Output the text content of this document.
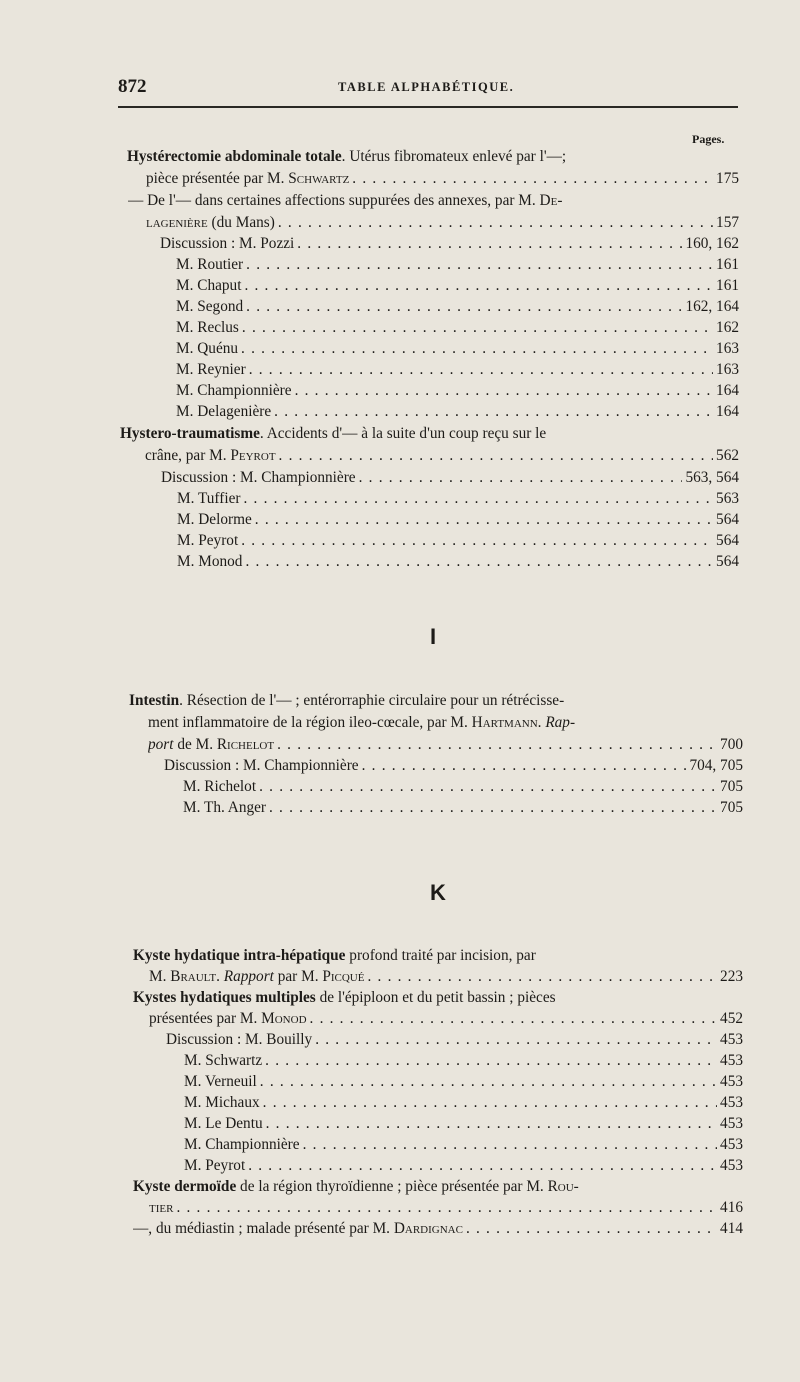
872	TABLE ALPHABÉTIQUE.
Pages.
Hystérectomie abdominale totale. Utérus fibromateux enlevé par l'—;
pièce présentée par M. Schwartz . . .	175
— De l'— dans certaines affections suppurées des annexes, par M. De-
lagenière (du Mans) . . .	157
Discussion : M. Pozzi . . .	160, 162
M. Routier . . .	161
M. Chaput . . .	161
M. Segond . . .	162, 164
M. Reclus . . .	162
M. Quénu . . .	163
M. Reynier . . .	163
M. Championnière . . .	164
M. Delagenière . . .	164
Hystero-traumatisme. Accidents d'— à la suite d'un coup reçu sur le
crâne, par M. Peyrot . . .	562
Discussion : M. Championnière . . .	563, 564
M. Tuffier . . .	563
M. Delorme . . .	564
M. Peyrot . . .	564
M. Monod . . .	564
I
Intestin. Résection de l'— ; entérorraphie circulaire pour un rétrécisse-
ment inflammatoire de la région ileo-cœcale, par M. Hartmann. Rap-
port de M. Richelot . . .	700
Discussion : M. Championnière . . .	704, 705
M. Richelot . . .	705
M. Th. Anger . . .	705
K
Kyste hydatique intra-hépatique profond traité par incision, par
M. Brault. Rapport par M. Picqué . . .	223
Kystes hydatiques multiples de l'épiploon et du petit bassin ; pièces
présentées par M. Monod . . .	452
Discussion : M. Bouilly . . .	453
M. Schwartz . . .	453
M. Verneuil . . .	453
M. Michaux . . .	453
M. Le Dentu . . .	453
M. Championnière . . .	453
M. Peyrot . . .	453
Kyste dermoïde de la région thyroïdienne ; pièce présentée par M. Rou-
tier . . .	416
—, du médiastin ; malade présenté par M. Dardignac . . .	414
